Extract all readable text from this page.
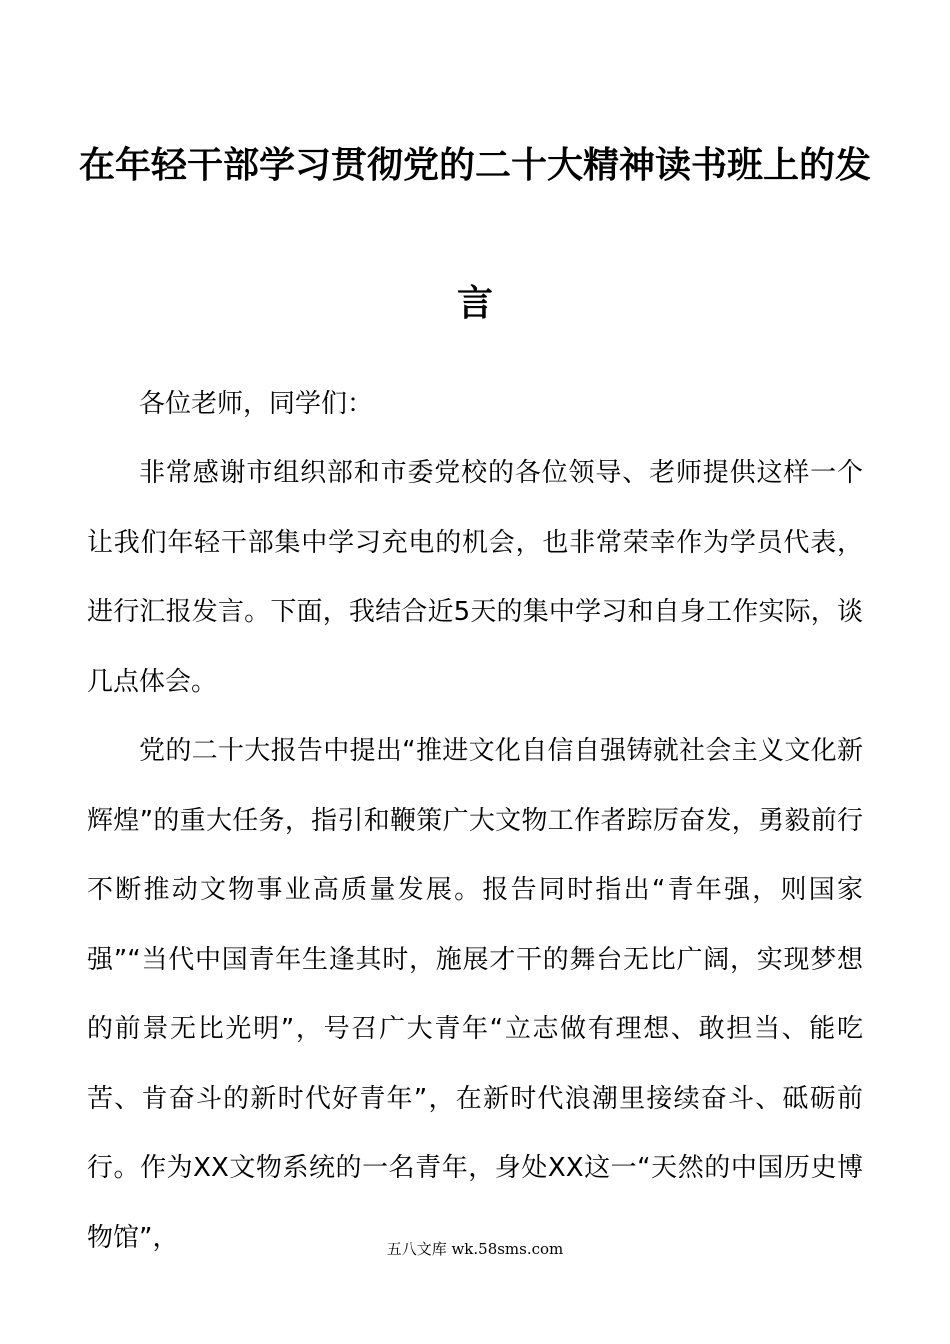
在年轻干部学习贯彻党的二十大精神读书班上的发
言

各位老师，同学们：

非常感谢市组织部和市委党校的各位领导、老师提供这样一个让我们年轻干部集中学习充电的机会，也非常荣幸作为学员代表，进行汇报发言。下面，我结合近5天的集中学习和自身工作实际，谈几点体会。

党的二十大报告中提出“推进文化自信自强铸就社会主义文化新辉煌”的重大任务，指引和鞭策广大文物工作者踪厉奋发，勇毅前行不断推动文物事业高质量发展。报告同时指出“青年强，则国家强”“当代中国青年生逢其时，施展才干的舞台无比广阔，实现梦想的前景无比光明”，号召广大青年“立志做有理想、敢担当、能吃苦、肯奋斗的新时代好青年”，在新时代浪潮里接续奋斗、砥砺前行。作为XX文物系统的一名青年，身处XX这一“天然的中国历史博物馆”，	五八文库 wk.58sms.com
